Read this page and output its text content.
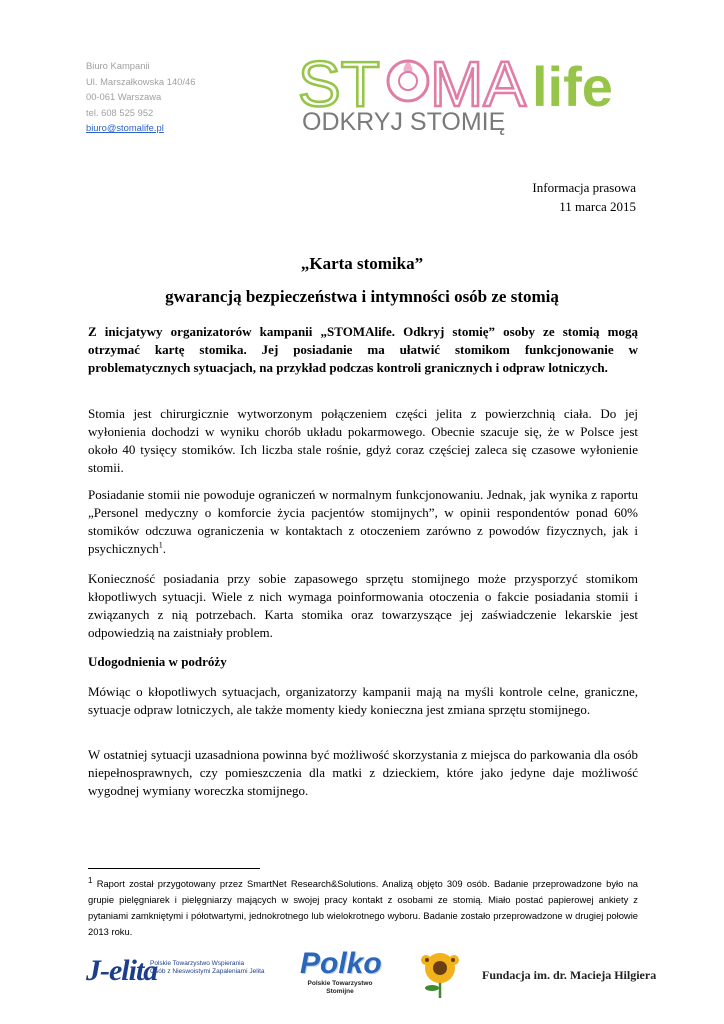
Biuro Kampanii
Ul. Marszałkowska 140/46
00-061 Warszawa
tel. 608 525 952
biuro@stomalife.pl
ST MA life
ODKRYJ STOMIĘ
Informacja prasowa
11 marca 2015
„Karta stomika”
gwarancją bezpieczeństwa i intymności osób ze stomią

Z inicjatywy organizatorów kampanii „STOMAlife. Odkryj stomię” osoby ze stomią mogą otrzymać kartę stomika. Jej posiadanie ma ułatwić stomikom funkcjonowanie w problematycznych sytuacjach, na przykład podczas kontroli granicznych i odpraw lotniczych.

Stomia jest chirurgicznie wytworzonym połączeniem części jelita z powierzchnią ciała. Do jej wyłonienia dochodzi w wyniku chorób układu pokarmowego. Obecnie szacuje się, że w Polsce jest około 40 tysięcy stomików. Ich liczba stale rośnie, gdyż coraz częściej zaleca się czasowe wyłonienie stomii.

Posiadanie stomii nie powoduje ograniczeń w normalnym funkcjonowaniu. Jednak, jak wynika z raportu „Personel medyczny o komforcie życia pacjentów stomijnych”, w opinii respondentów ponad 60% stomików odczuwa ograniczenia w kontaktach z otoczeniem zarówno z powodów fizycznych, jak i psychicznych$^1$.

Konieczność posiadania przy sobie zapasowego sprzętu stomijnego może przysporzyć stomikom kłopotliwych sytuacji. Wiele z nich wymaga poinformowania otoczenia o fakcie posiadania stomii i związanych z nią potrzebach. Karta stomika oraz towarzyszące jej zaświadczenie lekarskie jest odpowiedzią na zaistniały problem.

Udogodnienia w podróży

Mówiąc o kłopotliwych sytuacjach, organizatorzy kampanii mają na myśli kontrole celne, graniczne, sytuacje odpraw lotniczych, ale także momenty kiedy konieczna jest zmiana sprzętu stomijnego.

W ostatniej sytuacji uzasadniona powinna być możliwość skorzystania z miejsca do parkowania dla osób niepełnosprawnych, czy pomieszczenia dla matki z dzieckiem, które jako jedyne daje możliwość wygodnej wymiany woreczka stomijnego.

$^1$ Raport został przygotowany przez SmartNet Research&Solutions. Analizą objęto 309 osób. Badanie przeprowadzone było na grupie pielęgniarek i pielęgniarzy mających w swojej pracy kontakt z osobami ze stomią. Miało postać papierowej ankiety z pytaniami zamkniętymi i półotwartymi, jednokrotnego lub wielokrotnego wyboru. Badanie zostało przeprowadzone w drugiej połowie 2013 roku.

J-elita
Polskie Towarzystwo Wspierania
Osób z Nieswoistymi Zapaleniami Jelita	Polko
Polskie Towarzystwo
Stomijne
Fundacja im. dr. Macieja Hilgiera
